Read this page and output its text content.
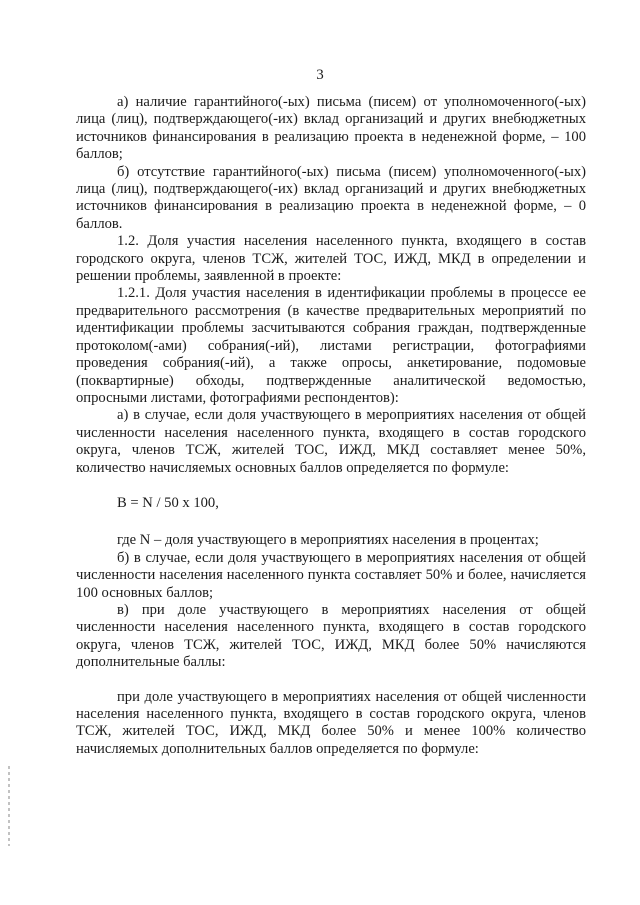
3

а) наличие гарантийного(-ых) письма (писем) от уполномоченного(-ых) лица (лиц), подтверждающего(-их) вклад организаций и других внебюджетных источников финансирования в реализацию проекта в неденежной форме, – 100 баллов;

б) отсутствие гарантийного(-ых) письма (писем) уполномоченного(-ых) лица (лиц), подтверждающего(-их) вклад организаций и других внебюджетных источников финансирования в реализацию проекта в неденежной форме, – 0 баллов.

1.2. Доля участия населения населенного пункта, входящего в состав городского округа, членов ТСЖ, жителей ТОС, ИЖД, МКД в определении и решении проблемы, заявленной в проекте:

1.2.1. Доля участия населения в идентификации проблемы в процессе ее предварительного рассмотрения (в качестве предварительных мероприятий по идентификации проблемы засчитываются собрания граждан, подтвержденные протоколом(-ами) собрания(-ий), листами регистрации, фотографиями проведения собрания(-ий), а также опросы, анкетирование, подомовые (поквартирные) обходы, подтвержденные аналитической ведомостью, опросными листами, фотографиями респондентов):

а) в случае, если доля участвующего в мероприятиях населения от общей численности населения населенного пункта, входящего в состав городского округа, членов ТСЖ, жителей ТОС, ИЖД, МКД составляет менее 50%, количество начисляемых основных баллов определяется по формуле:

B = N / 50 x 100,

где N – доля участвующего в мероприятиях населения в процентах;

б) в случае, если доля участвующего в мероприятиях населения от общей численности населения населенного пункта составляет 50% и более, начисляется 100 основных баллов;

в) при доле участвующего в мероприятиях населения от общей численности населения населенного пункта, входящего в состав городского округа, членов ТСЖ, жителей ТОС, ИЖД, МКД более 50% начисляются дополнительные баллы:

при доле участвующего в мероприятиях населения от общей численности населения населенного пункта, входящего в состав городского округа, членов ТСЖ, жителей ТОС, ИЖД, МКД более 50% и менее 100% количество начисляемых дополнительных баллов определяется по формуле:
